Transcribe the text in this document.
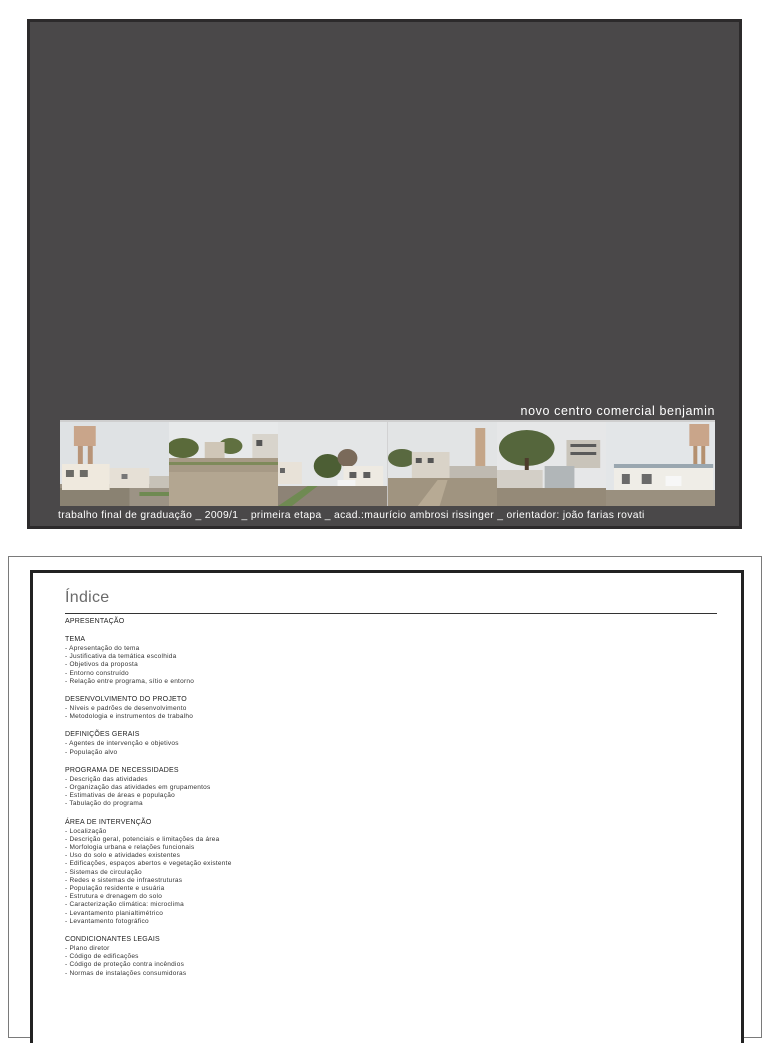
novo centro comercial benjamin

trabalho final de graduação _ 2009/1 _ primeira etapa _ acad.:maurício ambrosi rissinger _ orientador: joão farias rovati

Índice
APRESENTAÇÃO
TEMA
- Apresentação do tema
- Justificativa da temática escolhida
- Objetivos da proposta
- Entorno construído
- Relação entre programa, sítio e entorno
DESENVOLVIMENTO DO PROJETO
- Níveis e padrões de desenvolvimento
- Metodologia e instrumentos de trabalho
DEFINIÇÕES GERAIS
- Agentes de intervenção e objetivos
- População alvo
PROGRAMA DE NECESSIDADES
- Descrição das atividades
- Organização das atividades em grupamentos
- Estimativas de áreas e população
- Tabulação do programa
ÁREA DE INTERVENÇÃO
- Localização
- Descrição geral, potenciais e limitações da área
- Morfologia urbana e relações funcionais
- Uso do solo e atividades existentes
- Edificações, espaços abertos e vegetação existente
- Sistemas de circulação
- Redes e sistemas de infraestruturas
- População residente e usuária
- Estrutura e drenagem do solo
- Caracterização climática: microclima
- Levantamento planialtimétrico
- Levantamento fotográfico
CONDICIONANTES LEGAIS
- Plano diretor
- Código de edificações
- Código de proteção contra incêndios
- Normas de instalações consumidoras
